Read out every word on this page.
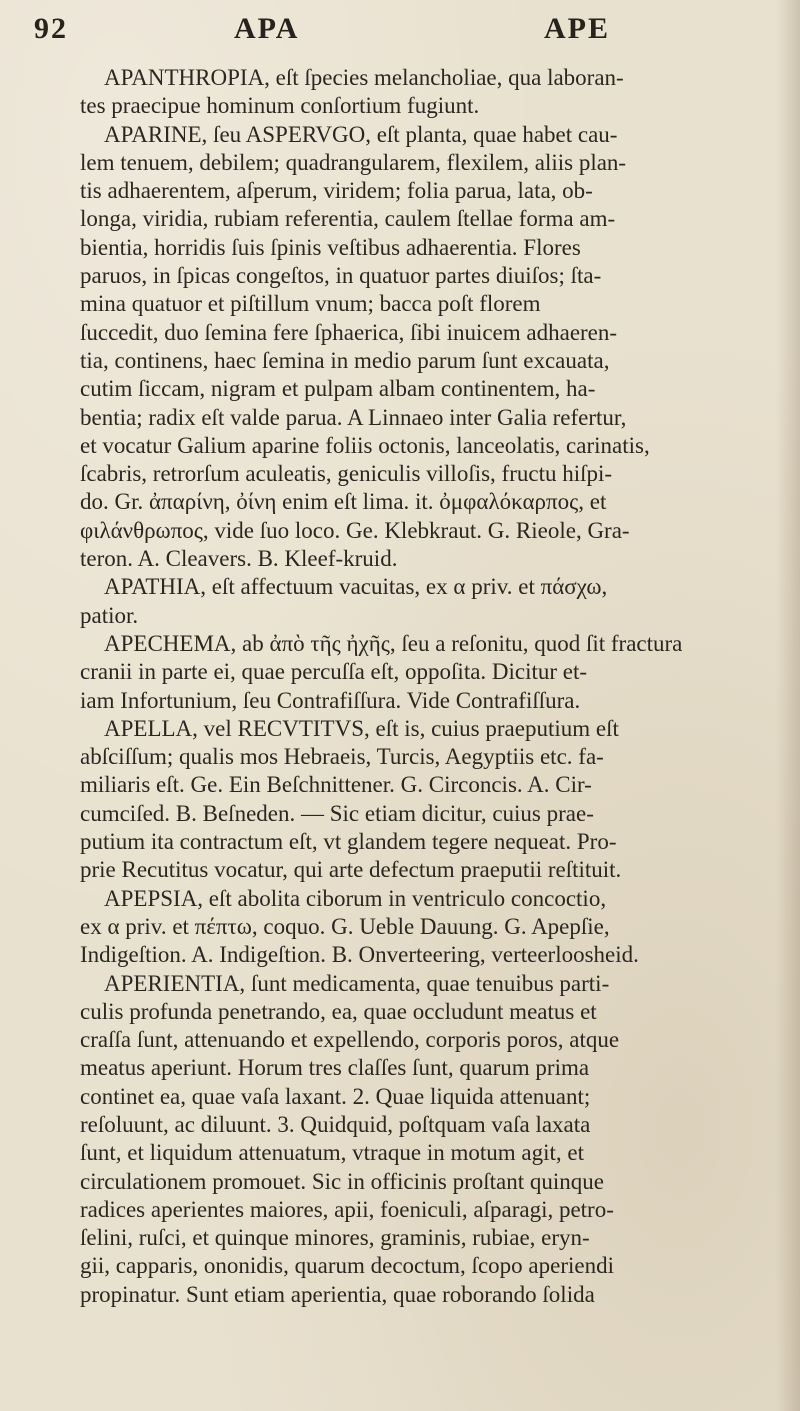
92	APA	APE
APANTHROPIA, eſt ſpecies melancholiae, qua laboran-
tes praecipue hominum conſortium fugiunt.
APARINE, ſeu ASPERVGO, eſt planta, quae habet cau-
lem tenuem, debilem; quadrangularem, flexilem, aliis plan-
tis adhaerentem, aſperum, viridem; folia parua, lata, ob-
longa, viridia, rubiam referentia, caulem ſtellae forma am-
bientia, horridis ſuis ſpinis veſtibus adhaerentia. Flores
paruos, in ſpicas congeſtos, in quatuor partes diuiſos; ſta-
mina quatuor et piſtillum vnum; bacca poſt florem
ſuccedit, duo ſemina fere ſphaerica, ſibi inuicem adhaeren-
tia, continens, haec ſemina in medio parum ſunt excauata,
cutim ſiccam, nigram et pulpam albam continentem, ha-
bentia; radix eſt valde parua. A Linnaeo inter Galia refertur,
et vocatur Galium aparine foliis octonis, lanceolatis, carinatis,
ſcabris, retrorſum aculeatis, geniculis villoſis, fructu hiſpi-
do. Gr. ἀπαρίνη, ὀίνη enim eſt lima. it. ὀμφαλόκαρπος, et
φιλάνθρωπος, vide ſuo loco. Ge. Klebkraut. G. Rieole, Gra-
teron. A. Cleavers. B. Kleef-kruid.
APATHIA, eſt affectuum vacuitas, ex α priv. et πάσχω,
patior.
APECHEMA, ab ἀπὸ τῆς ἠχῆς, ſeu a reſonitu, quod ſit fractura
cranii in parte ei, quae percuſſa eſt, oppoſita. Dicitur et-
iam Infortunium, ſeu Contrafiſſura. Vide Contrafiſſura.
APELLA, vel RECVTITVS, eſt is, cuius praeputium eſt
abſciſſum; qualis mos Hebraeis, Turcis, Aegyptiis etc. fa-
miliaris eſt. Ge. Ein Beſchnittener. G. Circoncis. A. Cir-
cumciſed. B. Beſneden. — Sic etiam dicitur, cuius prae-
putium ita contractum eſt, vt glandem tegere nequeat. Pro-
prie Recutitus vocatur, qui arte defectum praeputii reſtituit.
APEPSIA, eſt abolita ciborum in ventriculo concoctio,
ex α priv. et πέπτω, coquo. G. Ueble Dauung. G. Apepſie,
Indigeſtion. A. Indigeſtion. B. Onverteering, verteerloosheid.
APERIENTIA, ſunt medicamenta, quae tenuibus parti-
culis profunda penetrando, ea, quae occludunt meatus et
craſſa ſunt, attenuando et expellendo, corporis poros, atque
meatus aperiunt. Horum tres claſſes ſunt, quarum prima
continet ea, quae vaſa laxant. 2. Quae liquida attenuant;
reſoluunt, ac diluunt. 3. Quidquid, poſtquam vaſa laxata
ſunt, et liquidum attenuatum, vtraque in motum agit, et
circulationem promouet. Sic in officinis proſtant quinque
radices aperientes maiores, apii, foeniculi, aſparagi, petro-
ſelini, ruſci, et quinque minores, graminis, rubiae, eryn-
gii, capparis, ononidis, quarum decoctum, ſcopo aperiendi
propinatur. Sunt etiam aperientia, quae roborando ſolida
